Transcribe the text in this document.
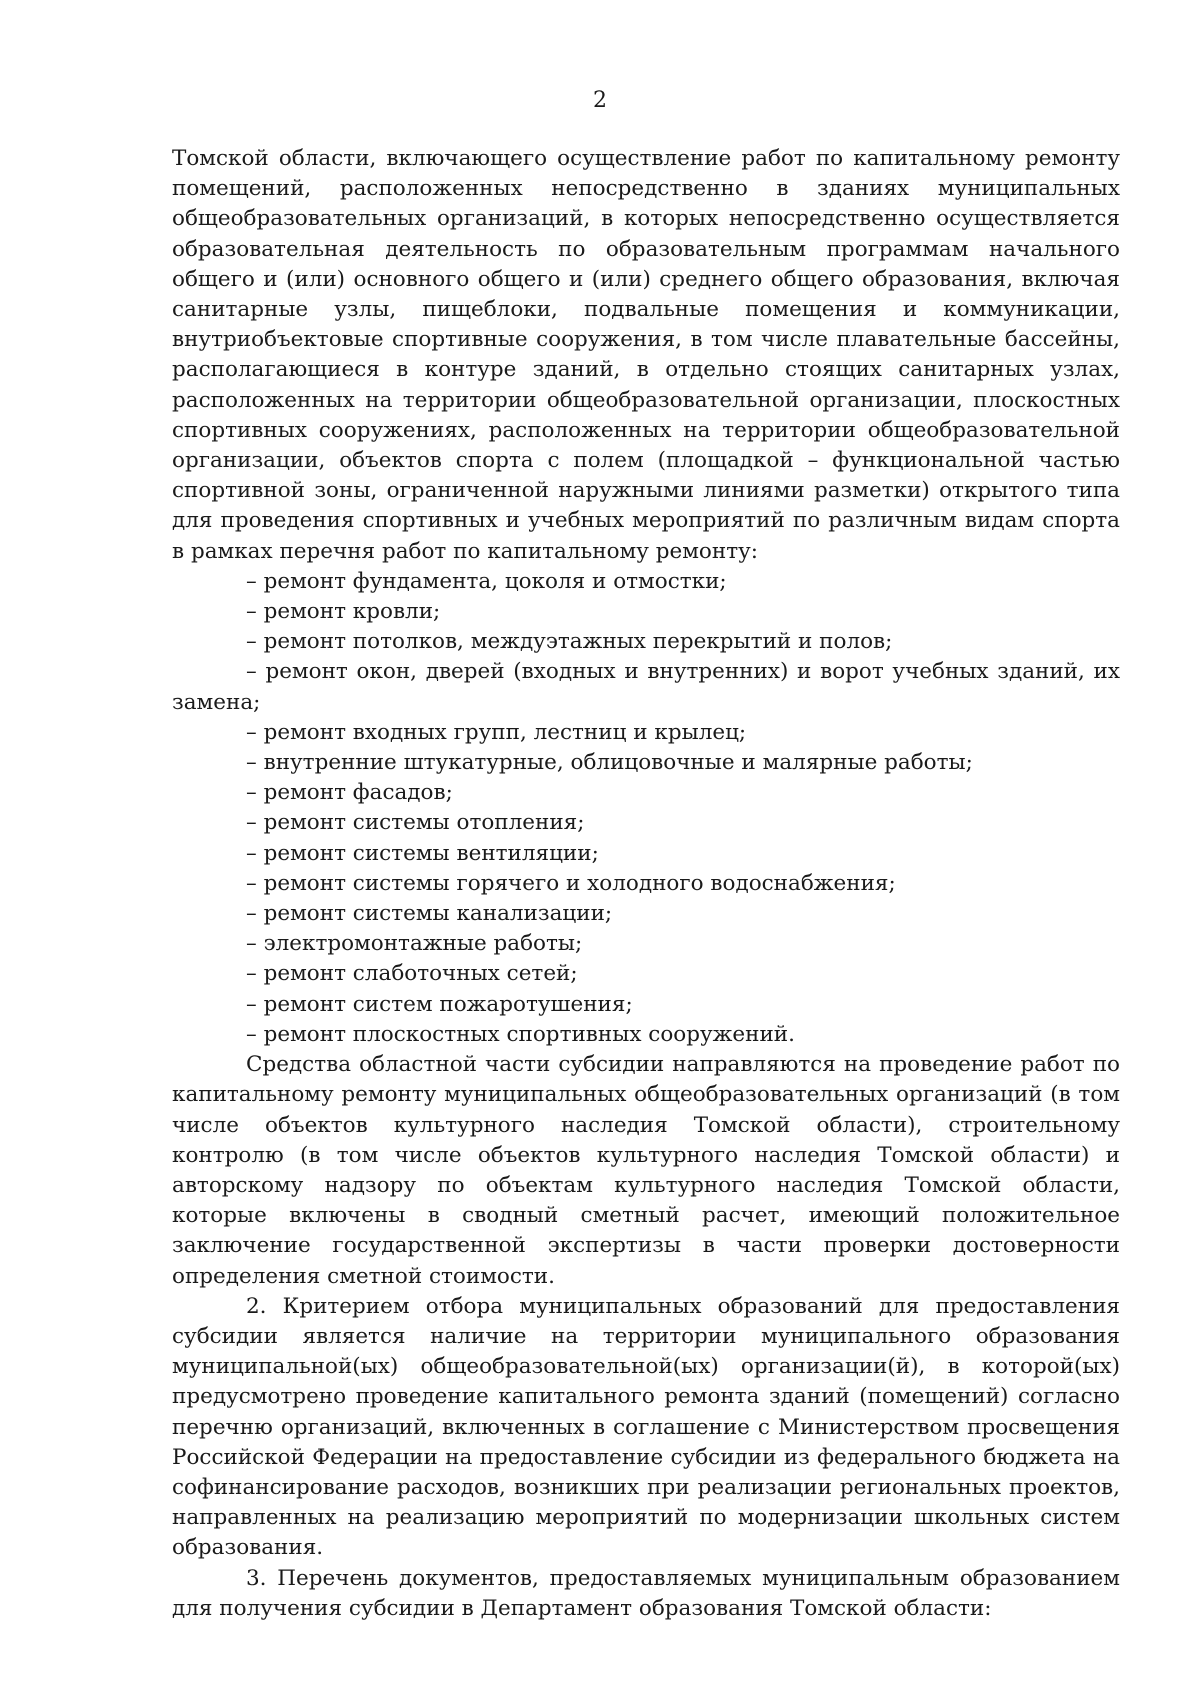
2

Томской области, включающего осуществление работ по капитальному ремонту помещений, расположенных непосредственно в зданиях муниципальных общеобразовательных организаций, в которых непосредственно осуществляется образовательная деятельность по образовательным программам начального общего и (или) основного общего и (или) среднего общего образования, включая санитарные узлы, пищеблоки, подвальные помещения и коммуникации, внутриобъектовые спортивные сооружения, в том числе плавательные бассейны, располагающиеся в контуре зданий, в отдельно стоящих санитарных узлах, расположенных на территории общеобразовательной организации, плоскостных спортивных сооружениях, расположенных на территории общеобразовательной организации, объектов спорта с полем (площадкой – функциональной частью спортивной зоны, ограниченной наружными линиями разметки) открытого типа для проведения спортивных и учебных мероприятий по различным видам спорта в рамках перечня работ по капитальному ремонту:

– ремонт фундамента, цоколя и отмостки;
– ремонт кровли;
– ремонт потолков, междуэтажных перекрытий и полов;
– ремонт окон, дверей (входных и внутренних) и ворот учебных зданий, их замена;
– ремонт входных групп, лестниц и крылец;
– внутренние штукатурные, облицовочные и малярные работы;
– ремонт фасадов;
– ремонт системы отопления;
– ремонт системы вентиляции;
– ремонт системы горячего и холодного водоснабжения;
– ремонт системы канализации;
– электромонтажные работы;
– ремонт слаботочных сетей;
– ремонт систем пожаротушения;
– ремонт плоскостных спортивных сооружений.

Средства областной части субсидии направляются на проведение работ по капитальному ремонту муниципальных общеобразовательных организаций (в том числе объектов культурного наследия Томской области), строительному контролю (в том числе объектов культурного наследия Томской области) и авторскому надзору по объектам культурного наследия Томской области, которые включены в сводный сметный расчет, имеющий положительное заключение государственной экспертизы в части проверки достоверности определения сметной стоимости.

2. Критерием отбора муниципальных образований для предоставления субсидии является наличие на территории муниципального образования муниципальной(ых) общеобразовательной(ых) организации(й), в которой(ых) предусмотрено проведение капитального ремонта зданий (помещений) согласно перечню организаций, включенных в соглашение с Министерством просвещения Российской Федерации на предоставление субсидии из федерального бюджета на софинансирование расходов, возникших при реализации региональных проектов, направленных на реализацию мероприятий по модернизации школьных систем образования.

3. Перечень документов, предоставляемых муниципальным образованием для получения субсидии в Департамент образования Томской области:
